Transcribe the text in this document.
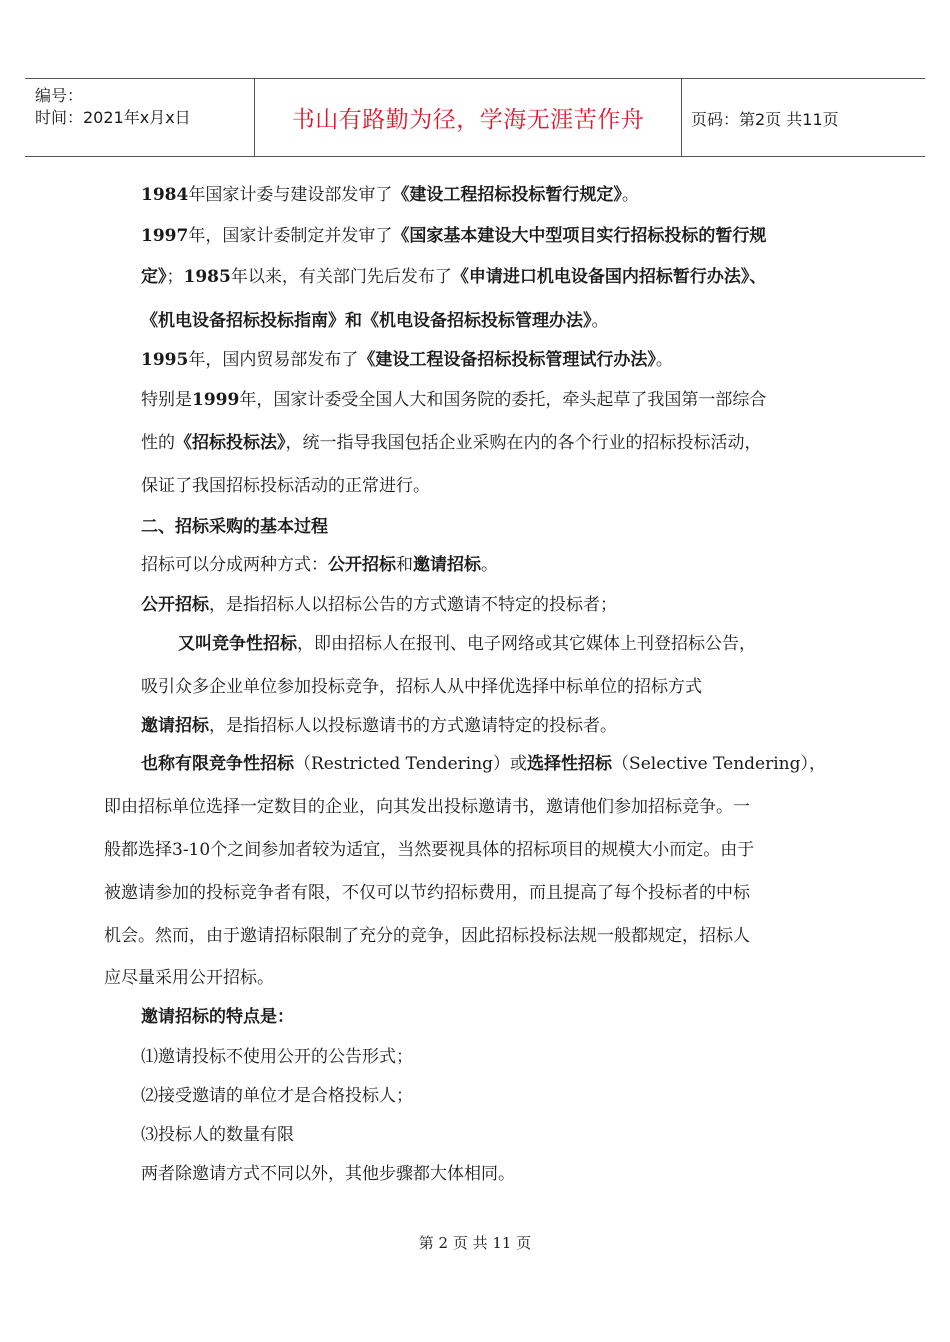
编号：
时间：2021年x月x日	书山有路勤为径，学海无涯苦作舟	页码：第2页 共11页
1984年国家计委与建设部发审了《建设工程招标投标暂行规定》。
1997年，国家计委制定并发审了《国家基本建设大中型项目实行招标投标的暂行规
定》；1985年以来，有关部门先后发布了《申请进口机电设备国内招标暂行办法》、
《机电设备招标投标指南》和《机电设备招标投标管理办法》。
1995年，国内贸易部发布了《建设工程设备招标投标管理试行办法》。
特别是1999年，国家计委受全国人大和国务院的委托，牵头起草了我国第一部综合
性的《招标投标法》，统一指导我国包括企业采购在内的各个行业的招标投标活动，
保证了我国招标投标活动的正常进行。
二、招标采购的基本过程
招标可以分成两种方式：公开招标和邀请招标。
公开招标，是指招标人以招标公告的方式邀请不特定的投标者；
又叫竞争性招标，即由招标人在报刊、电子网络或其它媒体上刊登招标公告，
吸引众多企业单位参加投标竞争，招标人从中择优选择中标单位的招标方式
邀请招标，是指招标人以投标邀请书的方式邀请特定的投标者。
也称有限竞争性招标（Restricted Tendering）或选择性招标（Selective Tendering），
即由招标单位选择一定数目的企业，向其发出投标邀请书，邀请他们参加招标竞争。一
般都选择3-10个之间参加者较为适宜，当然要视具体的招标项目的规模大小而定。由于
被邀请参加的投标竞争者有限，不仅可以节约招标费用，而且提高了每个投标者的中标
机会。然而，由于邀请招标限制了充分的竞争，因此招标投标法规一般都规定，招标人
应尽量采用公开招标。
邀请招标的特点是：
⑴邀请投标不使用公开的公告形式；
⑵接受邀请的单位才是合格投标人；
⑶投标人的数量有限
两者除邀请方式不同以外，其他步骤都大体相同。
第 2 页 共 11 页
